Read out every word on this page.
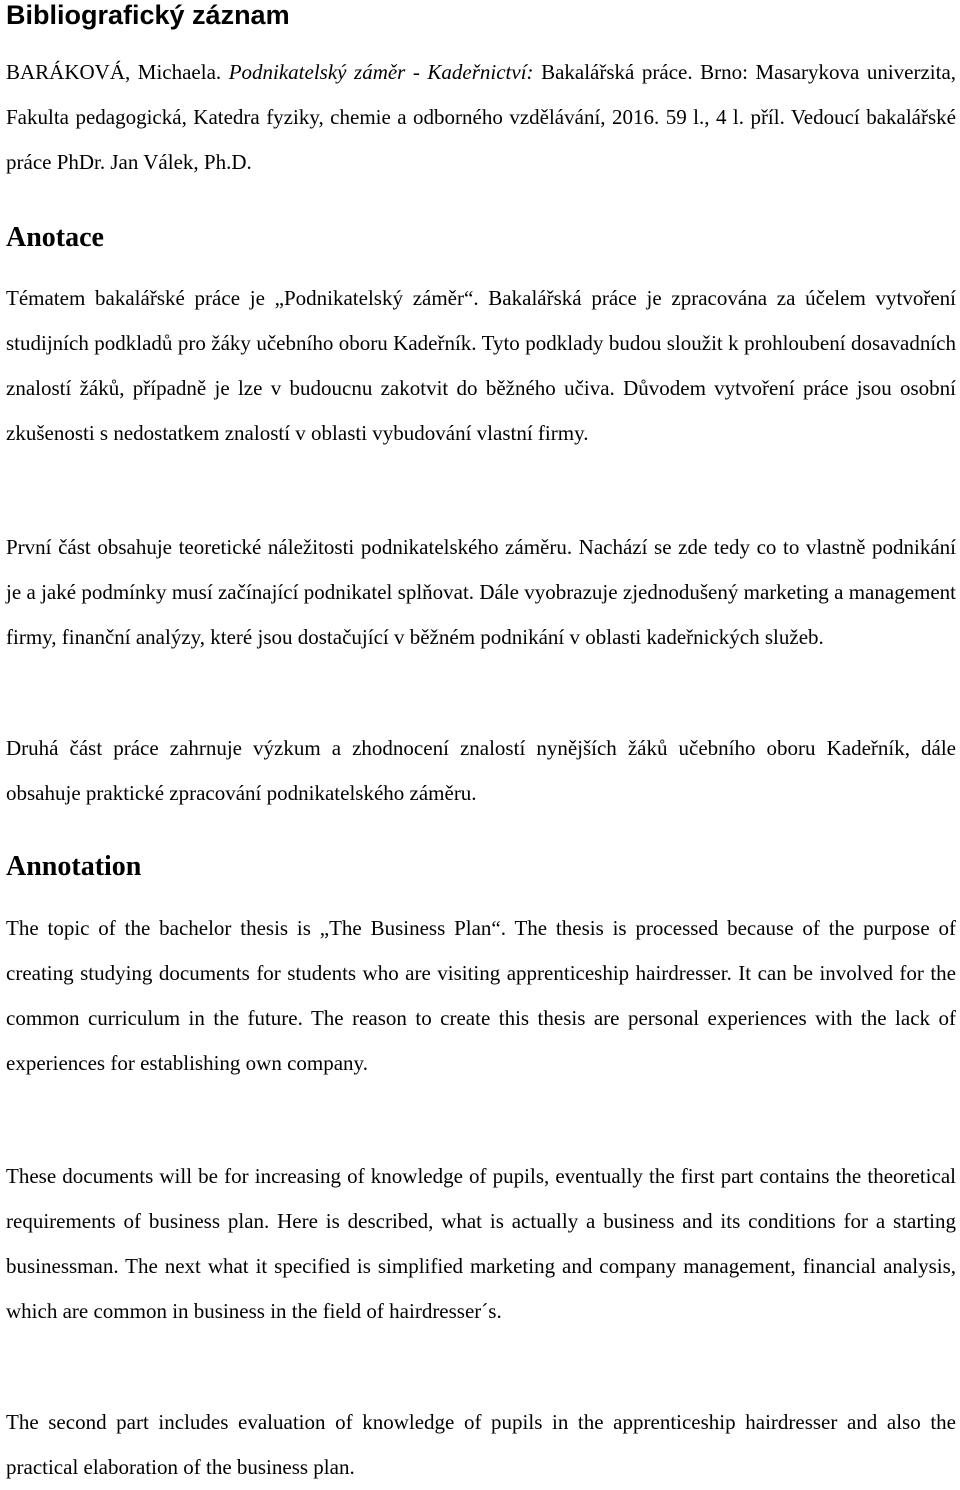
Bibliografický záznam

BARÁKOVÁ, Michaela. Podnikatelský záměr - Kadeřnictví: Bakalářská práce. Brno: Masarykova univerzita, Fakulta pedagogická, Katedra fyziky, chemie a odborného vzdělávání, 2016. 59 l., 4 l. příl. Vedoucí bakalářské práce PhDr. Jan Válek, Ph.D.

Anotace

Tématem bakalářské práce je „Podnikatelský záměr“. Bakalářská práce je zpracována za účelem vytvoření studijních podkladů pro žáky učebního oboru Kadeřník. Tyto podklady budou sloužit k prohloubení dosavadních znalostí žáků, případně je lze v budoucnu zakotvit do běžného učiva. Důvodem vytvoření práce jsou osobní zkušenosti s nedostatkem znalostí v oblasti vybudování vlastní firmy.

První část obsahuje teoretické náležitosti podnikatelského záměru. Nachází se zde tedy co to vlastně podnikání je a jaké podmínky musí začínající podnikatel splňovat. Dále vyobrazuje zjednodušený marketing a management firmy, finanční analýzy, které jsou dostačující v běžném podnikání v oblasti kadeřnických služeb.

Druhá část práce zahrnuje výzkum a zhodnocení znalostí nynějších žáků učebního oboru Kadeřník, dále obsahuje praktické zpracování podnikatelského záměru.

Annotation

The topic of the bachelor thesis is „The Business Plan“. The thesis is processed because of the purpose of creating studying documents for students who are visiting apprenticeship hairdresser. It can be involved for the common curriculum in the future. The reason to create this thesis are personal experiences with the lack of experiences for establishing own company.

These documents will be for increasing of knowledge of pupils, eventually the first part contains the theoretical requirements of business plan. Here is described, what is actually a business and its conditions for a starting businessman. The next what it specified is simplified marketing and company management, financial analysis, which are common in business in the field of hairdresser´s.

The second part includes evaluation of knowledge of pupils in the apprenticeship hairdresser and also the practical elaboration of the business plan.
